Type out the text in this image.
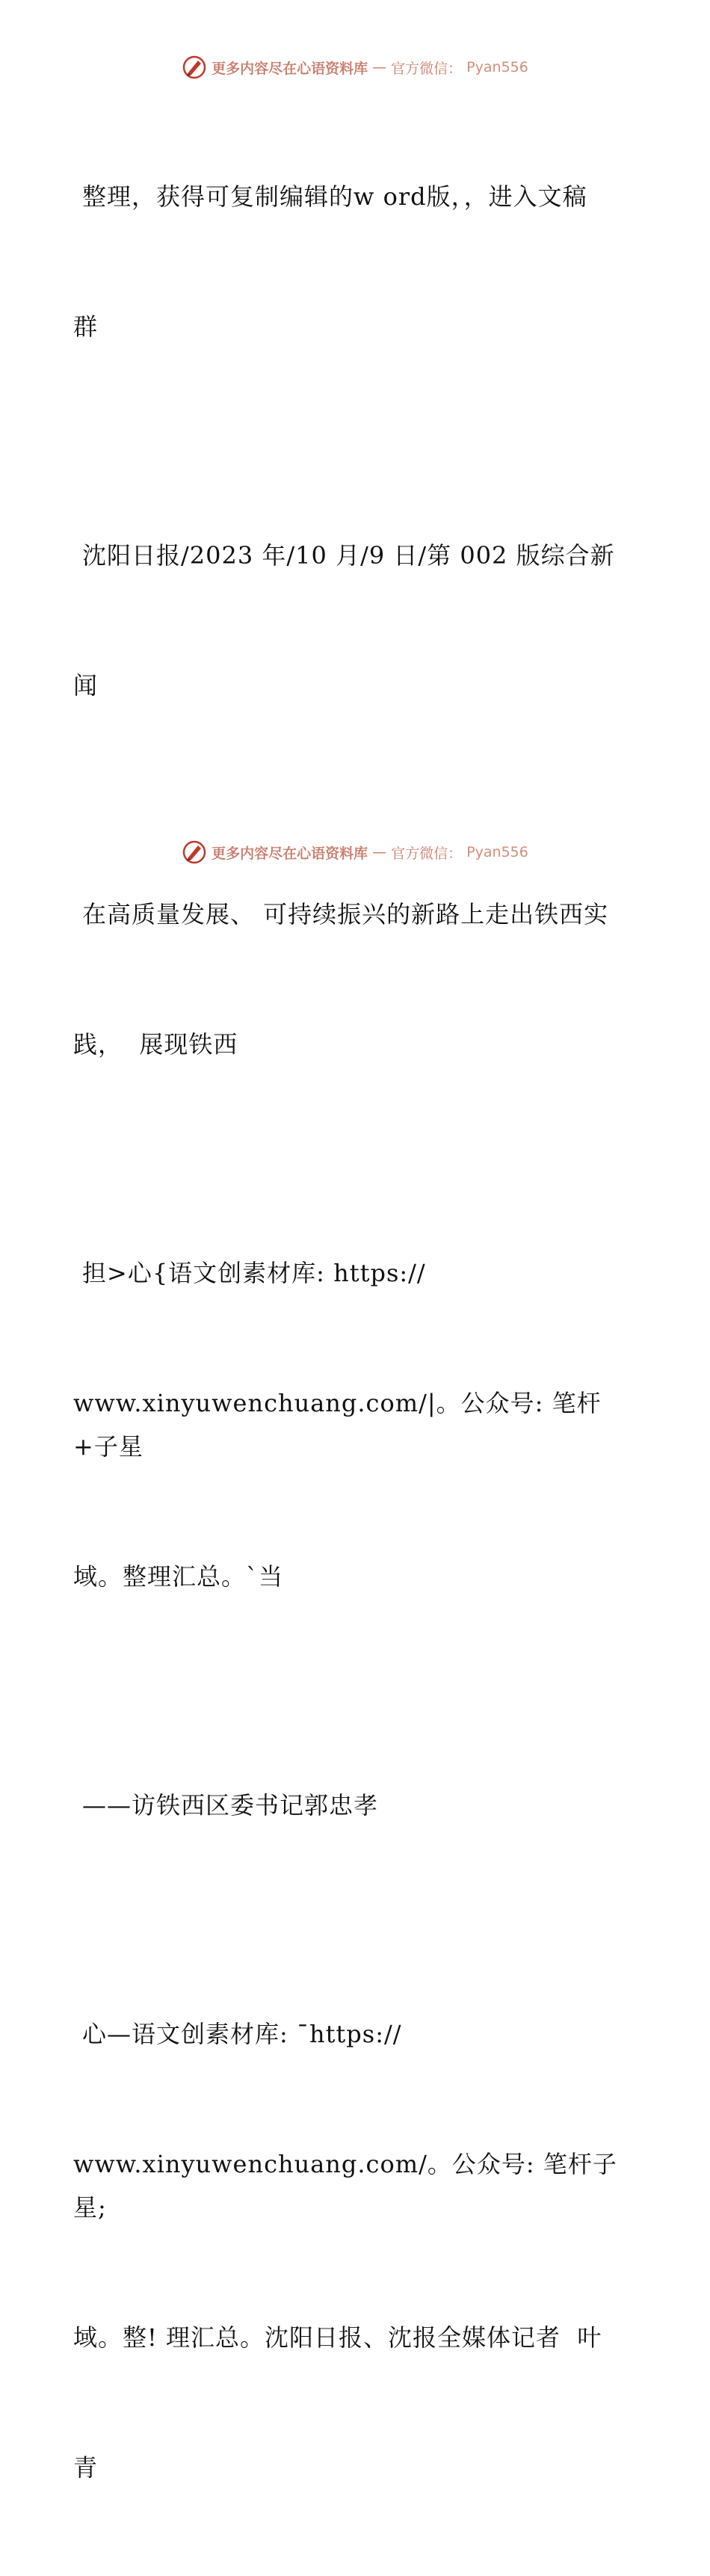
更多内容尽在心语资料库 — 官方微信： Pyan556

整理，获得可复制编辑的w ord版，，进入文稿

群

沈阳日报/2023 年/10 月/9 日/第 002 版综合新

闻

在高质量发展、 可持续振兴的新路上走出铁西实

践，  展现铁西

担>心{语文创素材库: https://

www.xinyuwenchuang.com/|。公众号: 笔杆+子星

域。整理汇总。`当

——访铁西区委书记郭忠孝

心—语文创素材库: ¯https://

www.xinyuwenchuang.com/。公众号: 笔杆子星;

域。整! 理汇总。沈阳日报、沈报全媒体记者  叶

青

更多内容尽在心语资料库 — 官方微信： Pyan556
